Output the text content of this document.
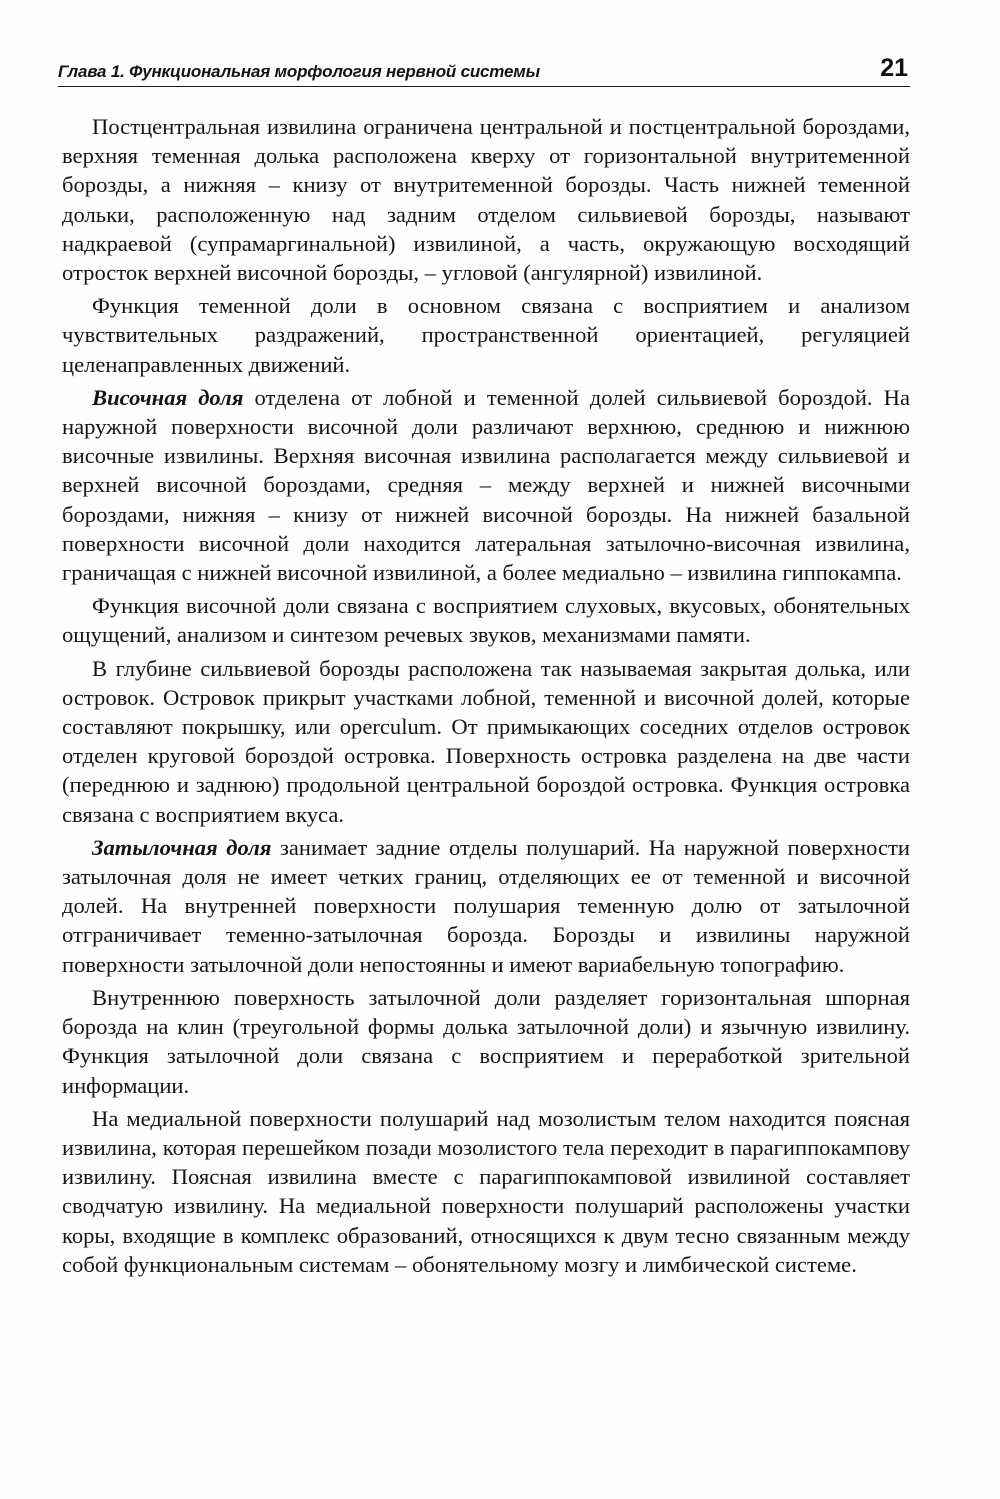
Глава 1. Функциональная морфология нервной системы	21

Постцентральная извилина ограничена центральной и постцентральной бороздами, верхняя теменная долька расположена кверху от горизонтальной внутритеменной борозды, а нижняя – книзу от внутритеменной борозды. Часть нижней теменной дольки, расположенную над задним отделом сильвиевой борозды, называют надкраевой (супрамаргинальной) извилиной, а часть, окружающую восходящий отросток верхней височной борозды, – угловой (ангулярной) извилиной.

Функция теменной доли в основном связана с восприятием и анализом чувствительных раздражений, пространственной ориентацией, регуляцией целенаправленных движений.

Височная доля отделена от лобной и теменной долей сильвиевой бороздой. На наружной поверхности височной доли различают верхнюю, среднюю и нижнюю височные извилины. Верхняя височная извилина располагается между сильвиевой и верхней височной бороздами, средняя – между верхней и нижней височными бороздами, нижняя – книзу от нижней височной борозды. На нижней базальной поверхности височной доли находится латеральная затылочно-височная извилина, граничащая с нижней височной извилиной, а более медиально – извилина гиппокампа.

Функция височной доли связана с восприятием слуховых, вкусовых, обонятельных ощущений, анализом и синтезом речевых звуков, механизмами памяти.

В глубине сильвиевой борозды расположена так называемая закрытая долька, или островок. Островок прикрыт участками лобной, теменной и височной долей, которые составляют покрышку, или operculum. От примыкающих соседних отделов островок отделен круговой бороздой островка. Поверхность островка разделена на две части (переднюю и заднюю) продольной центральной бороздой островка. Функция островка связана с восприятием вкуса.

Затылочная доля занимает задние отделы полушарий. На наружной поверхности затылочная доля не имеет четких границ, отделяющих ее от теменной и височной долей. На внутренней поверхности полушария теменную долю от затылочной отграничивает теменно-затылочная борозда. Борозды и извилины наружной поверхности затылочной доли непостоянны и имеют вариабельную топографию.

Внутреннюю поверхность затылочной доли разделяет горизонтальная шпорная борозда на клин (треугольной формы долька затылочной доли) и язычную извилину. Функция затылочной доли связана с восприятием и переработкой зрительной информации.

На медиальной поверхности полушарий над мозолистым телом находится поясная извилина, которая перешейком позади мозолистого тела переходит в парагиппокампову извилину. Поясная извилина вместе с парагиппокамповой извилиной составляет сводчатую извилину. На медиальной поверхности полушарий расположены участки коры, входящие в комплекс образований, относящихся к двум тесно связанным между собой функциональным системам – обонятельному мозгу и лимбической системе.
